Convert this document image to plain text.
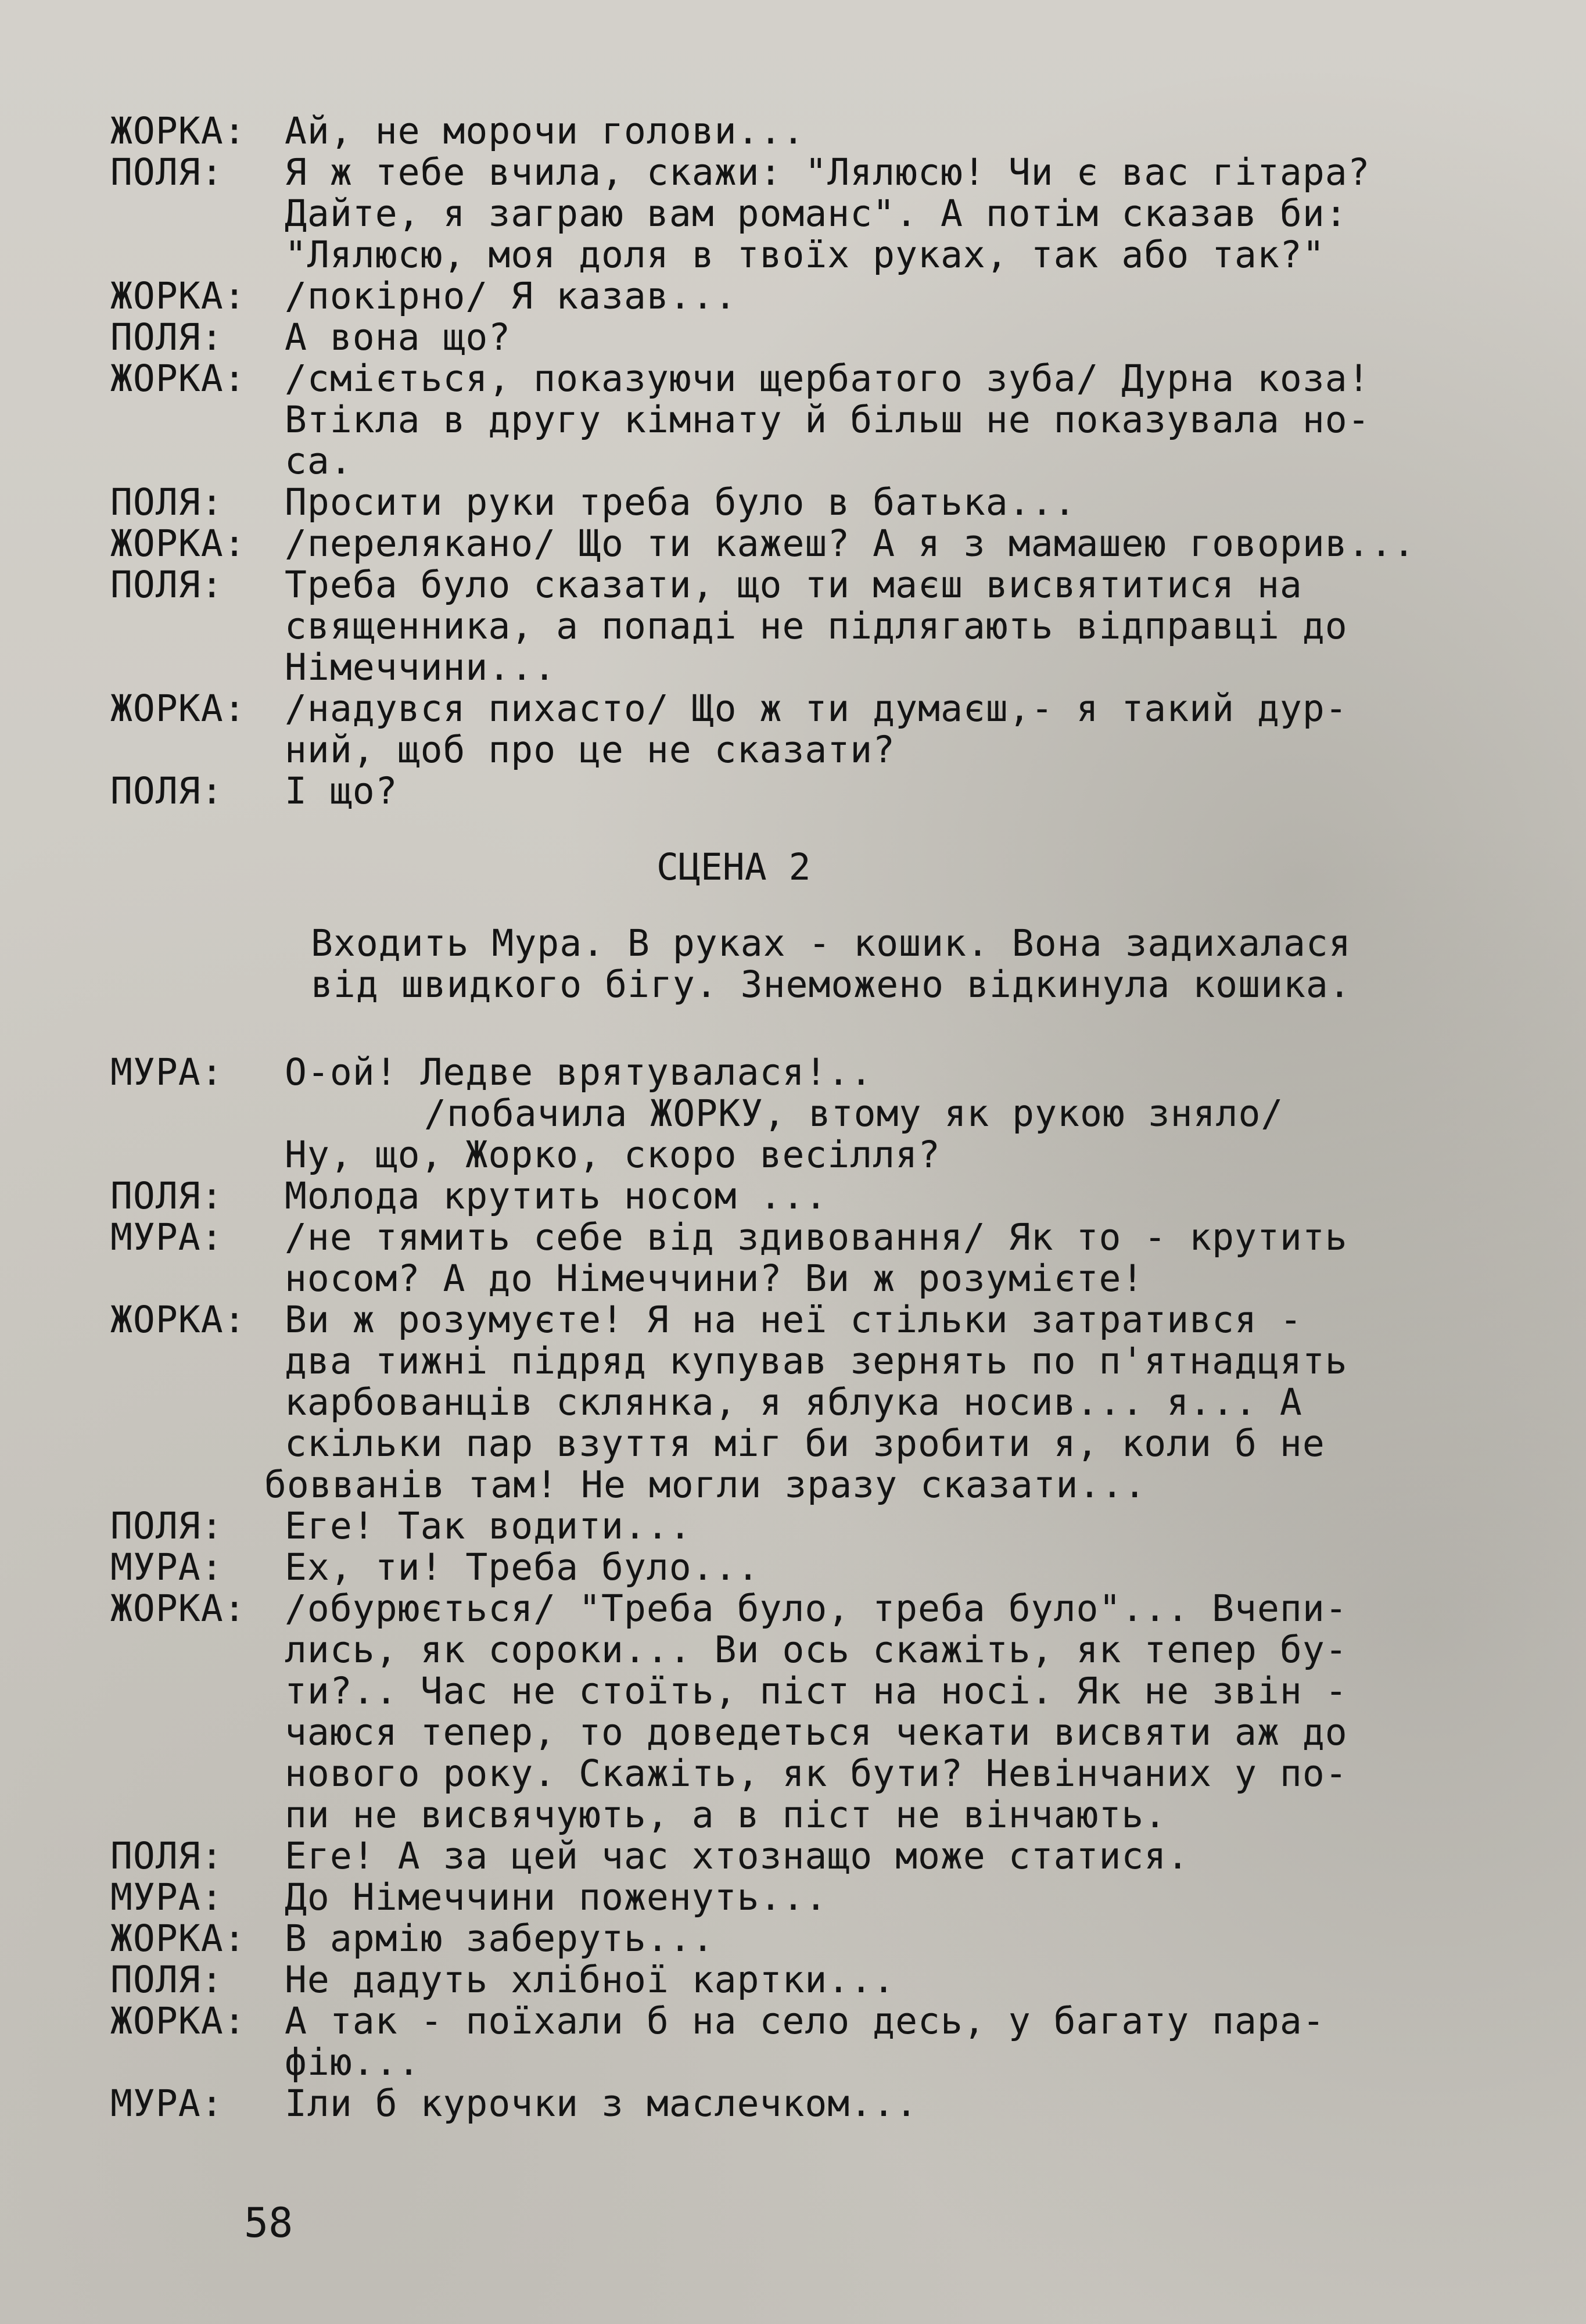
ЖОРКА: Ай, не морочи голови...
ПОЛЯ: Я ж тебе вчила, скажи: "Лялюсю! Чи є вас гітара?
Дайте, я заграю вам романс". А потім сказав би:
"Лялюсю, моя доля в твоїх руках, так або так?"
ЖОРКА: /покірно/ Я казав...
ПОЛЯ: А вона що?
ЖОРКА: /сміється, показуючи щербатого зуба/ Дурна коза!
Втікла в другу кімнату й більш не показувала но-
са.
ПОЛЯ: Просити руки треба було в батька...
ЖОРКА: /перелякано/ Що ти кажеш? А я з мамашею говорив...
ПОЛЯ: Треба було сказати, що ти маєш висвятитися на
священника, а попаді не підлягають відправці до
Німеччини...
ЖОРКА: /надувся пихасто/ Що ж ти думаєш,- я такий дур-
ний, щоб про це не сказати?
ПОЛЯ: І що?
СЦЕНА 2
Входить Мура. В руках - кошик. Вона задихалася
від швидкого бігу. Знеможено відкинула кошика.
МУРА: О-ой! Ледве врятувалася!..
/побачила ЖОРКУ, втому як рукою зняло/
Ну, що, Жорко, скоро весілля?
ПОЛЯ: Молода крутить носом ...
МУРА: /не тямить себе від здивовання/ Як то - крутить
носом? А до Німеччини? Ви ж розумієте!
ЖОРКА: Ви ж розумуєте! Я на неї стільки затратився -
два тижні підряд купував зернять по п'ятнадцять
карбованців склянка, я яблука носив... я... А
скільки пар взуття міг би зробити я, коли б не
бовванів там! Не могли зразу сказати...
ПОЛЯ: Еге! Так водити...
МУРА: Ех, ти! Треба було...
ЖОРКА: /обурюється/ "Треба було, треба було"... Вчепи-
лись, як сороки... Ви ось скажіть, як тепер бу-
ти?.. Час не стоїть, піст на носі. Як не звін -
чаюся тепер, то доведеться чекати висвяти аж до
нового року. Скажіть, як бути? Невінчаних у по-
пи не висвячують, а в піст не вінчають.
ПОЛЯ: Еге! А за цей час хтознащо може статися.
МУРА: До Німеччини поженуть...
ЖОРКА: В армію заберуть...
ПОЛЯ: Не дадуть хлібної картки...
ЖОРКА: А так - поїхали б на село десь, у багату пара-
фію...
МУРА: Іли б курочки з маслечком...
58
